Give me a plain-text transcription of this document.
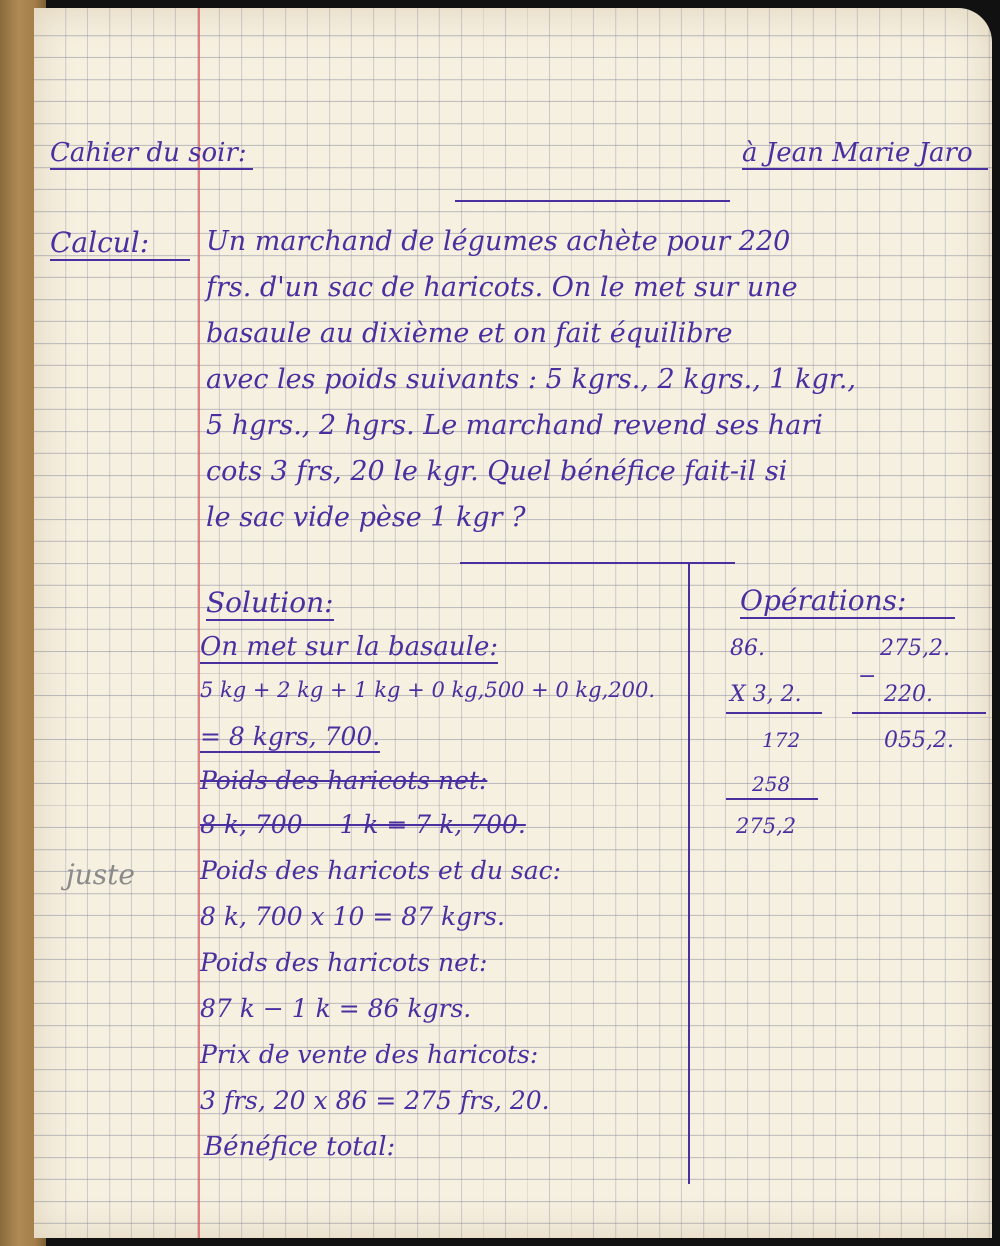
Cahier du soir:	à Jean Marie Jaro
Calcul:	Un marchand de légumes achète pour 220
frs. d'un sac de haricots. On le met sur une
basaule au dixième et on fait équilibre
avec les poids suivants : 5 kgrs., 2 kgrs., 1 kgr.,
5 hgrs., 2 hgrs. Le marchand revend ses hari
cots 3 frs, 20 le kgr. Quel bénéfice fait-il si
le sac vide pèse 1 kgr ?
Solution:
On met sur la basaule:
5 kg + 2 kg + 1 kg + 0 kg,500 + 0 kg,200.
= 8 kgrs, 700.
Poids des haricots net:
8 k, 700 − 1 k = 7 k, 700.
Poids des haricots et du sac:
8 k, 700 x 10 = 87 kgrs.
Poids des haricots net:
87 k − 1 k = 86 kgrs.
Prix de vente des haricots:
3 frs, 20 x 86 = 275 frs, 20.
Bénéfice total:
juste
Opérations:
86.
X 3, 2.
172
258
275,2
275,2.
−
220.
055,2.
